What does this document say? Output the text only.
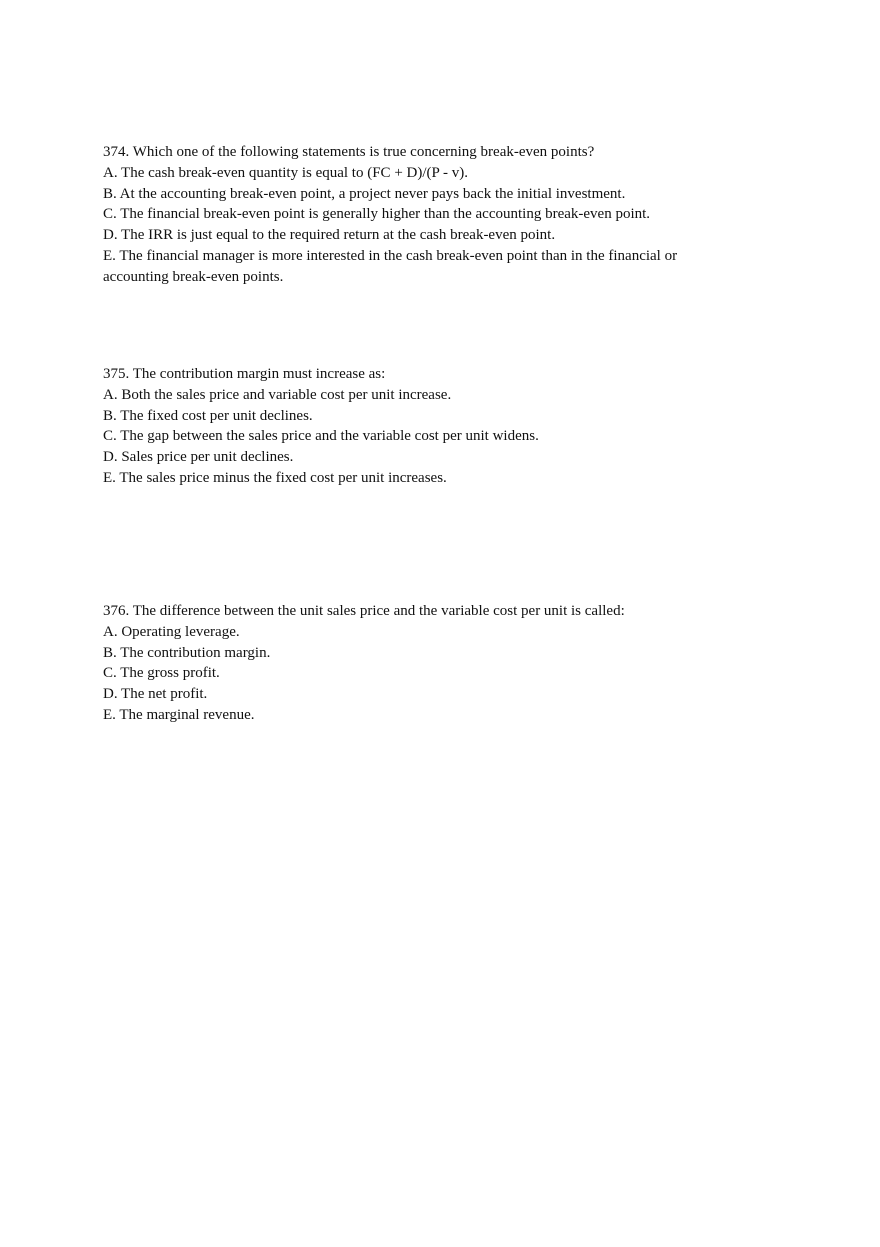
374. Which one of the following statements is true concerning break-even points?

A. The cash break-even quantity is equal to (FC + D)/(P - v).

B. At the accounting break-even point, a project never pays back the initial investment.

C. The financial break-even point is generally higher than the accounting break-even point.

D. The IRR is just equal to the required return at the cash break-even point.

E. The financial manager is more interested in the cash break-even point than in the financial or accounting break-even points.

375. The contribution margin must increase as:

A. Both the sales price and variable cost per unit increase.

B. The fixed cost per unit declines.

C. The gap between the sales price and the variable cost per unit widens.

D. Sales price per unit declines.

E. The sales price minus the fixed cost per unit increases.

376. The difference between the unit sales price and the variable cost per unit is called:

A. Operating leverage.

B. The contribution margin.

C. The gross profit.

D. The net profit.

E. The marginal revenue.
